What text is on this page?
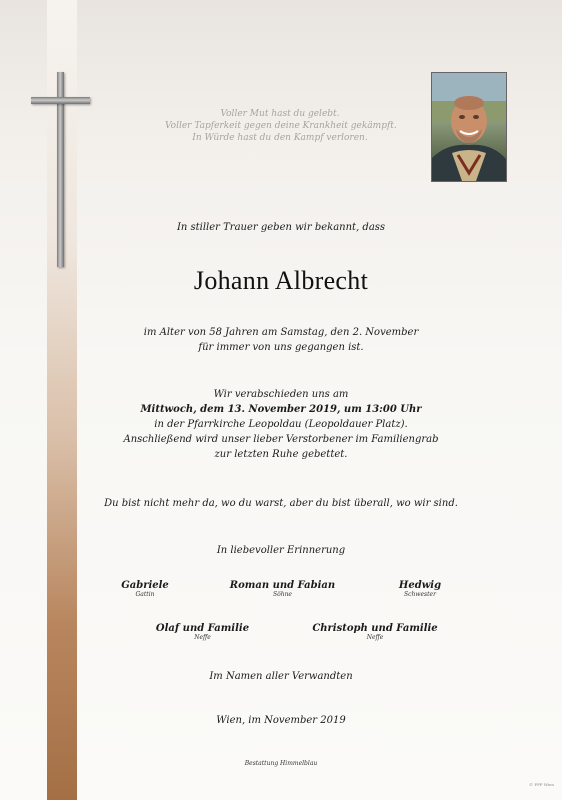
Voller Mut hast du gelebt.
Voller Tapferkeit gegen deine Krankheit gekämpft.
In Würde hast du den Kampf verloren.
In stiller Trauer geben wir bekannt, dass
Johann Albrecht
im Alter von 58 Jahren am Samstag, den 2. November
für immer von uns gegangen ist.
Wir verabschieden uns am
Mittwoch, dem 13. November 2019, um 13:00 Uhr
in der Pfarrkirche Leopoldau (Leopoldauer Platz).
Anschließend wird unser lieber Verstorbener im Familiengrab
zur letzten Ruhe gebettet.
Du bist nicht mehr da, wo du warst, aber du bist überall, wo wir sind.
In liebevoller Erinnerung
Gabriele
Gattin
Roman und Fabian
Söhne
Hedwig
Schwester
Olaf und Familie
Neffe
Christoph und Familie
Neffe
Im Namen aller Verwandten
Wien, im November 2019
Bestattung Himmelblau
© PPP Wien
